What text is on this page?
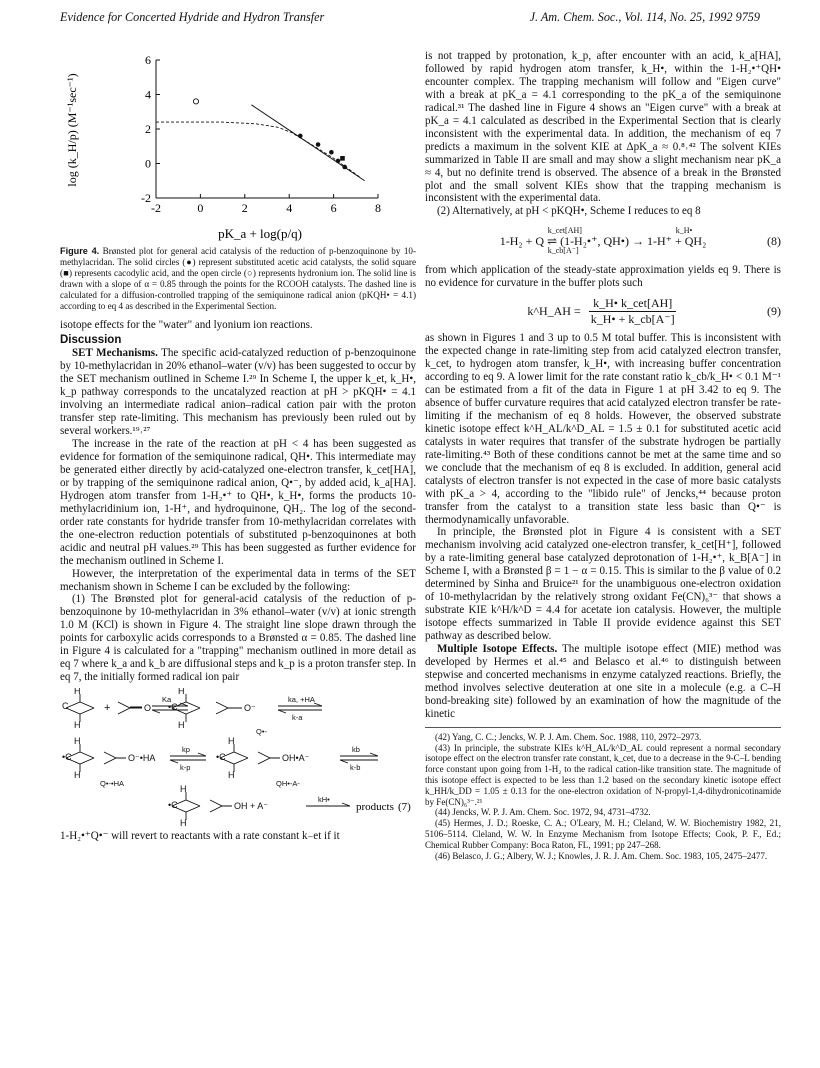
Evidence for Concerted Hydride and Hydron Transfer	J. Am. Chem. Soc., Vol. 114, No. 25, 1992 9759
log (k_H/p) (M⁻¹sec⁻¹)
pK_a + log(p/q)
-2	0	2	4	6	8
-2
0
2
4
6
Figure 4. Brønsted plot for general acid catalysis of the reduction of p-benzoquinone by 10-methylacridan. The solid circles (●) represent substituted acetic acid catalysts, the solid square (■) represents cacodylic acid, and the open circle (○) represents hydronium ion. The solid line is drawn with a slope of α = 0.85 through the points for the RCOOH catalysts. The dashed line is calculated for a diffusion-controlled trapping of the semiquinone radical anion (pKQH• = 4.1) according to eq 4 as described in the Experimental Section.

isotope effects for the "water" and lyonium ion reactions.

Discussion

SET Mechanisms. The specific acid-catalyzed reduction of p-benzoquinone by 10-methylacridan in 20% ethanol–water (v/v) has been suggested to occur by the SET mechanism outlined in Scheme I.²⁹ In Scheme I, the upper k_et, k_H•, k_p pathway corresponds to the uncatalyzed reaction at pH > pKQH• = 4.1 involving an intermediate radical anion–radical cation pair with the proton transfer step rate-limiting. This mechanism has previously been ruled out by several workers.¹⁹˒²⁷

The increase in the rate of the reaction at pH < 4 has been suggested as evidence for formation of the semiquinone radical, QH•. This intermediate may be generated either directly by acid-catalyzed one-electron transfer, k_cet[HA], or by trapping of the semiquinone radical anion, Q•⁻, by added acid, k_a[HA]. Hydrogen atom transfer from 1-H₂•⁺ to QH•, k_H•, forms the products 10-methylacridinium ion, 1-H⁺, and hydroquinone, QH₂. The log of the second-order rate constants for hydride transfer from 10-methylacridan correlates with the one-electron reduction potentials of substituted p-benzoquinones at both acidic and neutral pH values.²⁹ This has been suggested as further evidence for the mechanism outlined in Scheme I.

However, the interpretation of the experimental data in terms of the SET mechanism shown in Scheme I can be excluded by the following:

(1) The Brønsted plot for general-acid catalysis of the reduction of p-benzoquinone by 10-methylacridan in 3% ethanol–water (v/v) at ionic strength 1.0 M (KCl) is shown in Figure 4. The straight line slope drawn through the points for carboxylic acids corresponds to a Brønsted α = 0.85. The dashed line in Figure 4 is calculated for a "trapping" mechanism outlined in more detail as eq 7 where k_a and k_b are diffusional steps and k_p is a proton transfer step. In eq 7, the initially formed radical ion pair

H
C
H
+	O
H
•C
H
O⁻
H
•C
H
O⁻•HA
H
•C
H
OH•A⁻
H
•C
H
OH + A⁻
Ka	ka, +HA
k-a
kp
k-p
kb
k-b
kH•
Q•-
Q•-•HA	QH•-A-
products (7)

1-H₂•⁺Q•⁻ will revert to reactants with a rate constant k₋et if it

is not trapped by protonation, k_p, after encounter with an acid, k_a[HA], followed by rapid hydrogen atom transfer, k_H•, within the 1-H₂•⁺QH• encounter complex. The trapping mechanism will follow and "Eigen curve" with a break at pK_a = 4.1 corresponding to the pK_a of the semiquinone radical.³¹ The dashed line in Figure 4 shows an "Eigen curve" with a break at pK_a = 4.1 calculated as described in the Experimental Section that is clearly inconsistent with the experimental data. In addition, the mechanism of eq 7 predicts a maximum in the solvent KIE at ΔpK_a ≈ 0.⁸˒⁴² The solvent KIEs summarized in Table II are small and may show a slight mechanism near pK_a ≈ 4, but no definite trend is observed. The absence of a break in the Brønsted plot and the small solvent KIEs show that the trapping mechanism is inconsistent with the experimental data.

(2) Alternatively, at pH < pKQH•, Scheme I reduces to eq 8

1-H₂ + Q ⇌ (1-H₂•⁺, QH•) → 1-H⁺ + QH₂
k_cet[AH]
k_cb[A⁻]
k_H•
(8)

from which application of the steady-state approximation yields eq 9. There is no evidence for curvature in the buffer plots such

k^H_AH = $\frac{\text{k\_H• k\_cet[AH]}}{k\_H• + k\_cb[A^-]}$	(9)

as shown in Figures 1 and 3 up to 0.5 M total buffer. This is inconsistent with the expected change in rate-limiting step from acid catalyzed electron transfer, k_cet, to hydrogen atom transfer, k_H•, with increasing buffer concentration according to eq 9. A lower limit for the rate constant ratio k_cb/k_H• < 0.1 M⁻¹ can be estimated from a fit of the data in Figure 1 at pH 3.42 to eq 9. The absence of buffer curvature requires that acid catalyzed electron transfer be rate-limiting if the mechanism of eq 8 holds. However, the observed substrate kinetic isotope effect k^H_AL/k^D_AL = 1.5 ± 0.1 for substituted acetic acid catalysts in water requires that transfer of the substrate hydrogen be partially rate-limiting.⁴³ Both of these conditions cannot be met at the same time and so we conclude that the mechanism of eq 8 is excluded. In addition, general acid catalysts of electron transfer is not expected in the case of more basic catalysts with pK_a > 4, according to the "libido rule" of Jencks,⁴⁴ because proton transfer from the catalyst to a transition state less basic than Q•⁻ is thermodynamically unfavorable.

In principle, the Brønsted plot in Figure 4 is consistent with a SET mechanism involving acid catalyzed one-electron transfer, k_cet[H⁺], followed by a rate-limiting general base catalyzed deprotonation of 1-H₂•⁺, k_B[A⁻] in Scheme I, with a Brønsted β = 1 − α = 0.15. This is similar to the β value of 0.2 determined by Sinha and Bruice²¹ for the unambiguous one-electron oxidation of 10-methylacridan by the relatively strong oxidant Fe(CN)₆³⁻ that shows a substrate KIE k^H/k^D = 4.4 for acetate ion catalysis. However, the multiple isotope effects summarized in Table II provide evidence against this SET pathway as described below.

Multiple Isotope Effects. The multiple isotope effect (MIE) method was developed by Hermes et al.⁴⁵ and Belasco et al.⁴⁶ to distinguish between stepwise and concerted mechanisms in enzyme catalyzed reactions. Briefly, the method involves selective deuteration at one site in a molecule (e.g. a C–H bond-breaking site) followed by an examination of how the magnitude of the kinetic

(42) Yang, C. C.; Jencks, W. P. J. Am. Chem. Soc. 1988, 110, 2972–2973.
(43) In principle, the substrate KIEs k^H_AL/k^D_AL could represent a normal secondary isotope effect on the electron transfer rate constant, k_cet, due to a decrease in the 9-C–L bending force constant upon going from 1-H₂ to the radical cation-like transition state. The magnitude of this isotope effect is expected to be less than 1.2 based on the secondary kinetic isotope effect k_HH/k_DD = 1.05 ± 0.13 for the one-electron oxidation of N-propyl-1,4-dihydronicotinamide by Fe(CN)₆³⁻.²¹
(44) Jencks, W. P. J. Am. Chem. Soc. 1972, 94, 4731–4732.
(45) Hermes, J. D.; Roeske, C. A.; O'Leary, M. H.; Cleland, W. W. Biochemistry 1982, 21, 5106–5114. Cleland, W. W. In Enzyme Mechanism from Isotope Effects; Cook, P. F., Ed.; Chemical Rubber Company: Boca Raton, FL, 1991; pp 247–268.
(46) Belasco, J. G.; Albery, W. J.; Knowles, J. R. J. Am. Chem. Soc. 1983, 105, 2475–2477.
